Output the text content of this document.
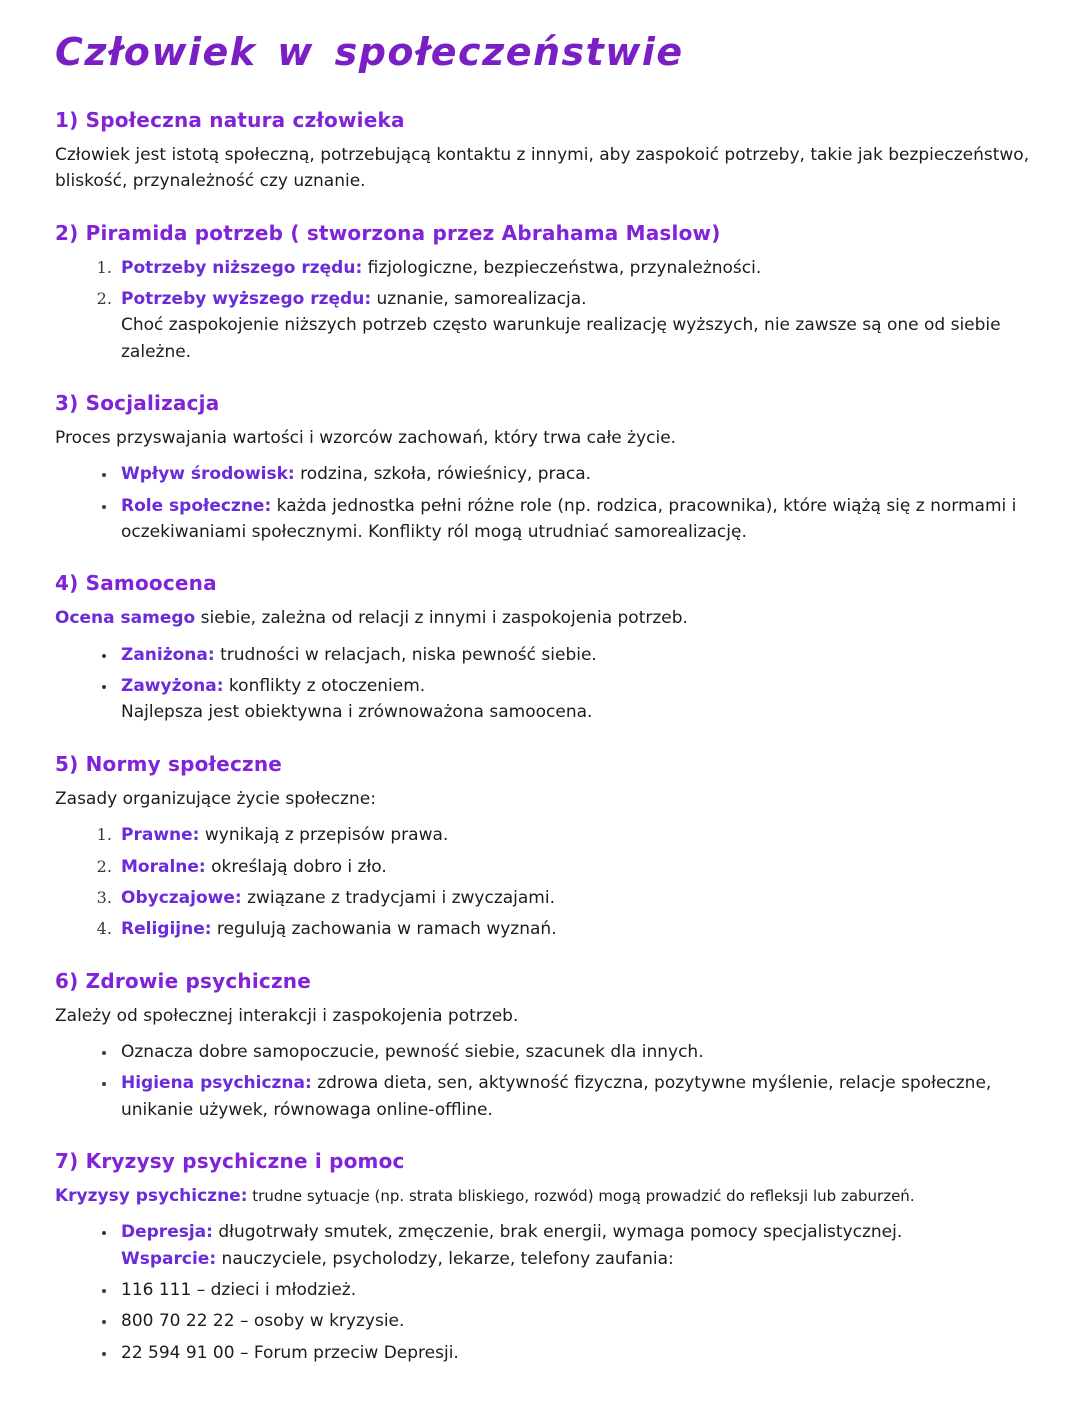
Człowiek w społeczeństwie
1) Społeczna natura człowieka

Człowiek jest istotą społeczną, potrzebującą kontaktu z innymi, aby zaspokoić potrzeby, takie jak bezpieczeństwo, bliskość, przynależność czy uznanie.

2) Piramida potrzeb ( stworzona przez Abrahama Maslow)
1. Potrzeby niższego rzędu: fizjologiczne, bezpieczeństwa, przynależności.
2. Potrzeby wyższego rzędu: uznanie, samorealizacja.
Choć zaspokojenie niższych potrzeb często warunkuje realizację wyższych, nie zawsze są one od siebie zależne.
3) Socjalizacja

Proces przyswajania wartości i wzorców zachowań, który trwa całe życie.

• Wpływ środowisk: rodzina, szkoła, rówieśnicy, praca.
• Role społeczne: każda jednostka pełni różne role (np. rodzica, pracownika), które wiążą się z normami i oczekiwaniami społecznymi. Konflikty ról mogą utrudniać samorealizację.
4) Samoocena

Ocena samego siebie, zależna od relacji z innymi i zaspokojenia potrzeb.

• Zaniżona: trudności w relacjach, niska pewność siebie.
• Zawyżona: konflikty z otoczeniem.
Najlepsza jest obiektywna i zrównoważona samoocena.
5) Normy społeczne

Zasady organizujące życie społeczne:

1. Prawne: wynikają z przepisów prawa.
2. Moralne: określają dobro i zło.
3. Obyczajowe: związane z tradycjami i zwyczajami.
4. Religijne: regulują zachowania w ramach wyznań.
6) Zdrowie psychiczne

Zależy od społecznej interakcji i zaspokojenia potrzeb.

• Oznacza dobre samopoczucie, pewność siebie, szacunek dla innych.
• Higiena psychiczna: zdrowa dieta, sen, aktywność fizyczna, pozytywne myślenie, relacje społeczne, unikanie używek, równowaga online-offline.
7) Kryzysy psychiczne i pomoc

Kryzysy psychiczne: trudne sytuacje (np. strata bliskiego, rozwód) mogą prowadzić do refleksji lub zaburzeń.

• Depresja: długotrwały smutek, zmęczenie, brak energii, wymaga pomocy specjalistycznej.
Wsparcie: nauczyciele, psycholodzy, lekarze, telefony zaufania:
• 116 111 – dzieci i młodzież.
• 800 70 22 22 – osoby w kryzysie.
• 22 594 91 00 – Forum przeciw Depresji.
